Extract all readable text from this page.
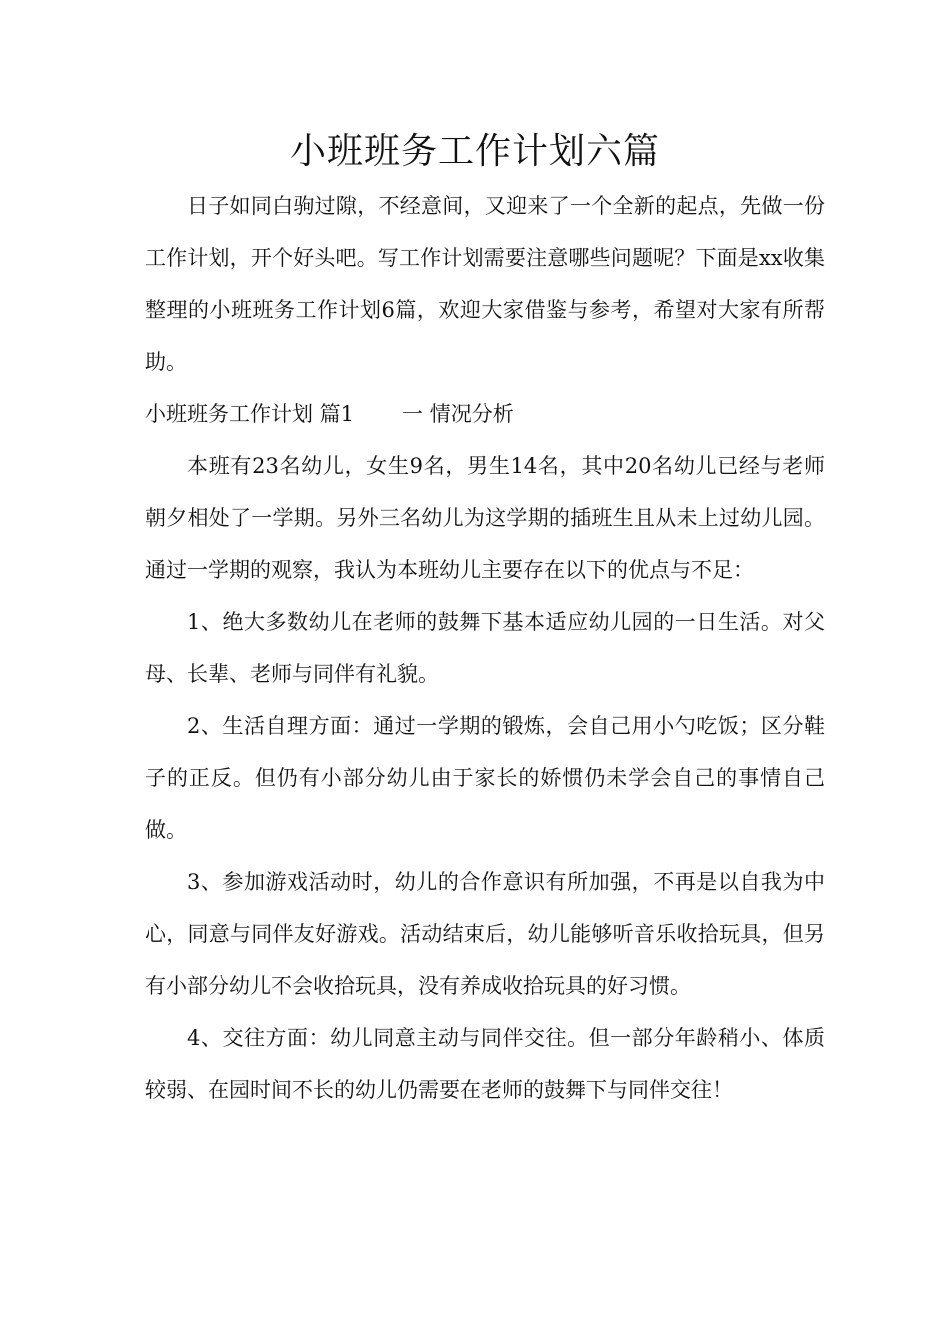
小班班务工作计划六篇

日子如同白驹过隙，不经意间，又迎来了一个全新的起点，先做一份工作计划，开个好头吧。写工作计划需要注意哪些问题呢？下面是xx收集整理的小班班务工作计划6篇，欢迎大家借鉴与参考，希望对大家有所帮助。

小班班务工作计划 篇1 一 情况分析

本班有23名幼儿，女生9名，男生14名，其中20名幼儿已经与老师朝夕相处了一学期。另外三名幼儿为这学期的插班生且从未上过幼儿园。通过一学期的观察，我认为本班幼儿主要存在以下的优点与不足：

1、绝大多数幼儿在老师的鼓舞下基本适应幼儿园的一日生活。对父母、长辈、老师与同伴有礼貌。

2、生活自理方面：通过一学期的锻炼，会自己用小勺吃饭；区分鞋子的正反。但仍有小部分幼儿由于家长的娇惯仍未学会自己的事情自己做。

3、参加游戏活动时，幼儿的合作意识有所加强，不再是以自我为中心，同意与同伴友好游戏。活动结束后，幼儿能够听音乐收拾玩具，但另有小部分幼儿不会收拾玩具，没有养成收拾玩具的好习惯。

4、交往方面：幼儿同意主动与同伴交往。但一部分年龄稍小、体质较弱、在园时间不长的幼儿仍需要在老师的鼓舞下与同伴交往！
